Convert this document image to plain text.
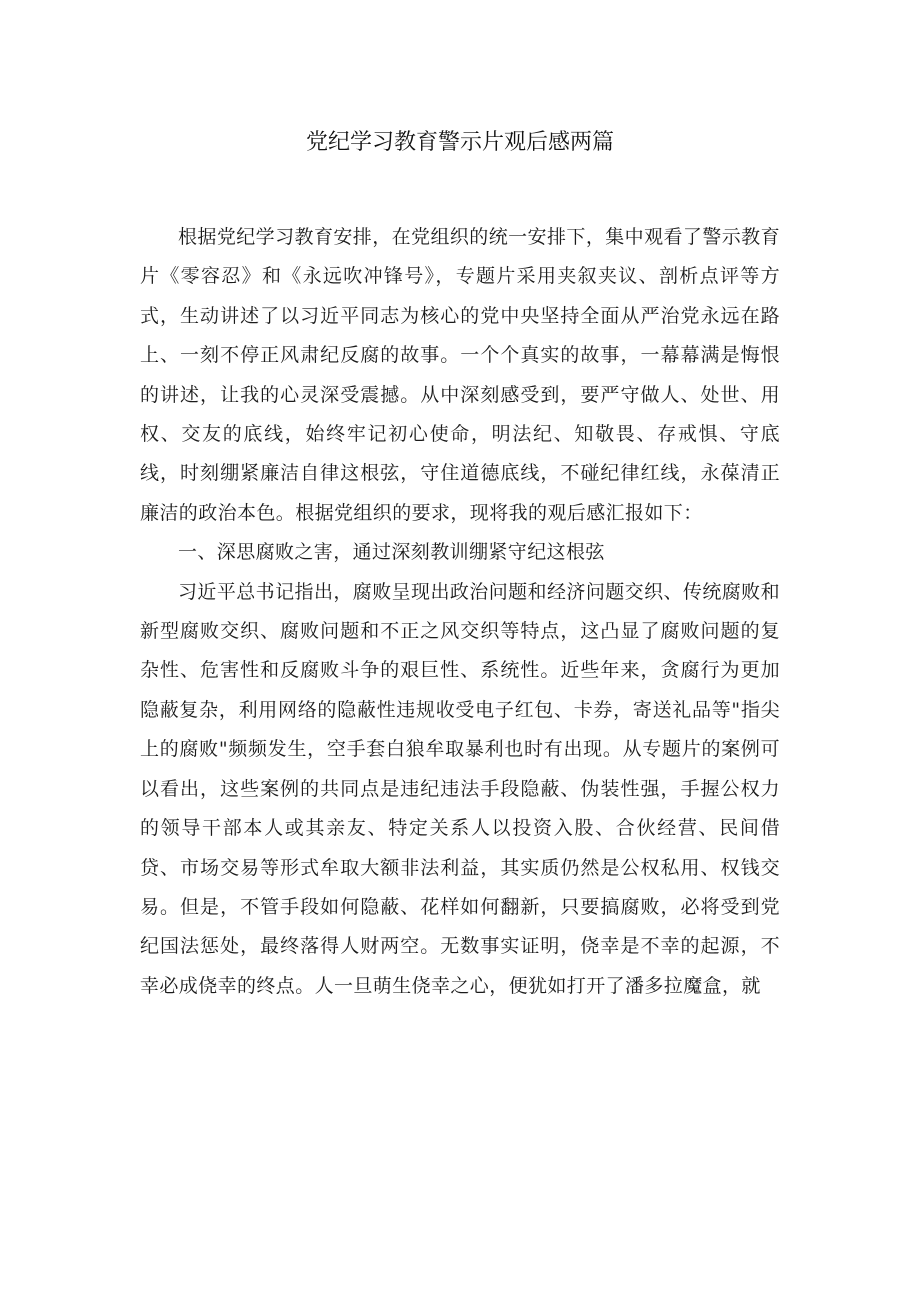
党纪学习教育警示片观后感两篇

根据党纪学习教育安排，在党组织的统一安排下，集中观看了警示教育片《零容忍》和《永远吹冲锋号》，专题片采用夹叙夹议、剖析点评等方式，生动讲述了以习近平同志为核心的党中央坚持全面从严治党永远在路上、一刻不停正风肃纪反腐的故事。一个个真实的故事，一幕幕满是悔恨的讲述，让我的心灵深受震撼。从中深刻感受到，要严守做人、处世、用权、交友的底线，始终牢记初心使命，明法纪、知敬畏、存戒惧、守底线，时刻绷紧廉洁自律这根弦，守住道德底线，不碰纪律红线，永葆清正廉洁的政治本色。根据党组织的要求，现将我的观后感汇报如下：

一、深思腐败之害，通过深刻教训绷紧守纪这根弦

习近平总书记指出，腐败呈现出政治问题和经济问题交织、传统腐败和新型腐败交织、腐败问题和不正之风交织等特点，这凸显了腐败问题的复杂性、危害性和反腐败斗争的艰巨性、系统性。近些年来，贪腐行为更加隐蔽复杂，利用网络的隐蔽性违规收受电子红包、卡券，寄送礼品等"指尖上的腐败"频频发生，空手套白狼牟取暴利也时有出现。从专题片的案例可以看出，这些案例的共同点是违纪违法手段隐蔽、伪装性强，手握公权力的领导干部本人或其亲友、特定关系人以投资入股、合伙经营、民间借贷、市场交易等形式牟取大额非法利益，其实质仍然是公权私用、权钱交易。但是，不管手段如何隐蔽、花样如何翻新，只要搞腐败，必将受到党纪国法惩处，最终落得人财两空。无数事实证明，侥幸是不幸的起源，不幸必成侥幸的终点。人一旦萌生侥幸之心，便犹如打开了潘多拉魔盒，就
